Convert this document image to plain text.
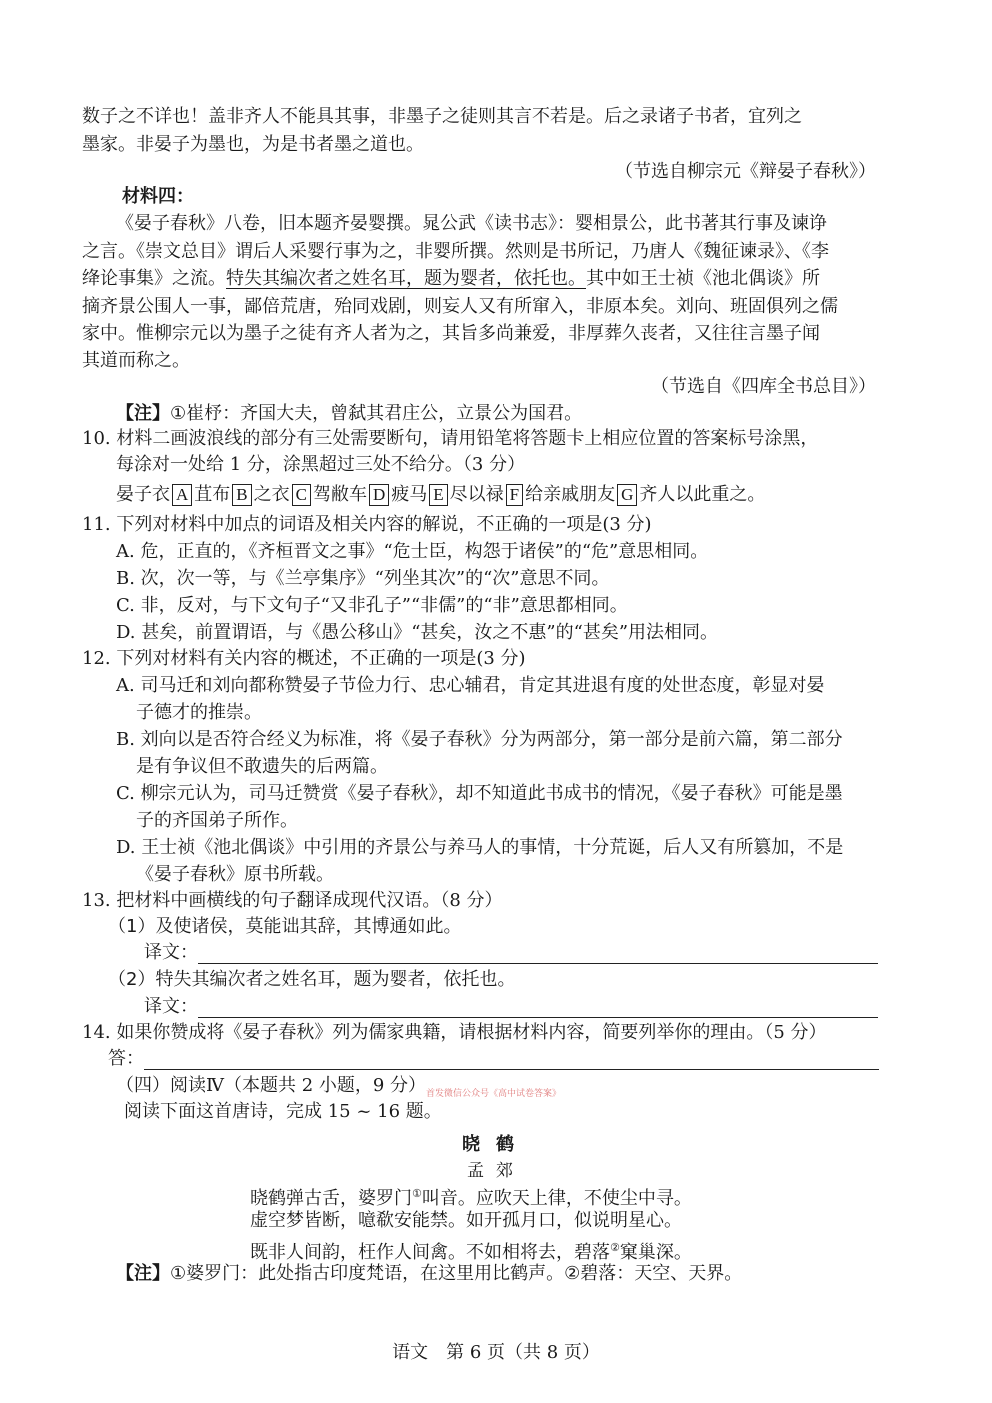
数子之不详也！盖非齐人不能具其事，非墨子之徒则其言不若是。后之录诸子书者，宜列之
墨家。非晏子为墨也，为是书者墨之道也。
（节选自柳宗元《辩晏子春秋》）
材料四：
《晏子春秋》八卷，旧本题齐晏婴撰。晁公武《读书志》：婴相景公，此书著其行事及谏诤
之言。《崇文总目》谓后人采婴行事为之，非婴所撰。然则是书所记，乃唐人《魏征谏录》、《李
绛论事集》之流。特失其编次者之姓名耳，题为婴者，依托也。其中如王士祯《池北偶谈》所
摘齐景公围人一事，鄙倍荒唐，殆同戏剧，则妄人又有所窜入，非原本矣。刘向、班固俱列之儒
家中。惟柳宗元以为墨子之徒有齐人者为之，其旨多尚兼爱，非厚葬久丧者，又往往言墨子闻
其道而称之。
（节选自《四库全书总目》）
【注】①崔杼：齐国大夫，曾弑其君庄公，立景公为国君。
10. 材料二画波浪线的部分有三处需要断句，请用铅笔将答题卡上相应位置的答案标号涂黑，
每涂对一处给 1 分，涂黑超过三处不给分。（3 分）
晏子衣 A 苴布 B 之衣 C 驾敝车 D 疲马 E 尽以禄 F 给亲戚朋友 G 齐人以此重之。
11. 下列对材料中加点的词语及相关内容的解说，不正确的一项是(3 分)
A. 危，正直的，《齐桓晋文之事》“危士臣，构怨于诸侯”的“危”意思相同。
B. 次，次一等，与《兰亭集序》“列坐其次”的“次”意思不同。
C. 非，反对，与下文句子“又非孔子”“非儒”的“非”意思都相同。
D. 甚矣，前置谓语，与《愚公移山》“甚矣，汝之不惠”的“甚矣”用法相同。
12. 下列对材料有关内容的概述，不正确的一项是(3 分)
A. 司马迁和刘向都称赞晏子节俭力行、忠心辅君，肯定其进退有度的处世态度，彰显对晏
子德才的推崇。
B. 刘向以是否符合经义为标准，将《晏子春秋》分为两部分，第一部分是前六篇，第二部分
是有争议但不敢遗失的后两篇。
C. 柳宗元认为，司马迁赞赏《晏子春秋》，却不知道此书成书的情况，《晏子春秋》可能是墨
子的齐国弟子所作。
D. 王士祯《池北偶谈》中引用的齐景公与养马人的事情，十分荒诞，后人又有所篡加，不是
《晏子春秋》原书所载。
13. 把材料中画横线的句子翻译成现代汉语。（8 分）
（1）及使诸侯，莫能诎其辞，其博通如此。
译文：
（2）特失其编次者之姓名耳，题为婴者，依托也。
译文：
14. 如果你赞成将《晏子春秋》列为儒家典籍，请根据材料内容，简要列举你的理由。（5 分）
答：
（四）阅读Ⅳ（本题共 2 小题，9 分） 首发微信公众号《高中试卷答案》
阅读下面这首唐诗，完成 15 ~ 16 题。
晓鹤
孟郊
晓鹤弹古舌，婆罗门①叫音。应吹天上律，不使尘中寻。
虚空梦皆断，噫欷安能禁。如开孤月口，似说明星心。
既非人间韵，枉作人间禽。不如相将去，碧落②窠巢深。
【注】①婆罗门：此处指古印度梵语，在这里用比鹤声。②碧落：天空、天界。
语文　第 6 页（共 8 页）
